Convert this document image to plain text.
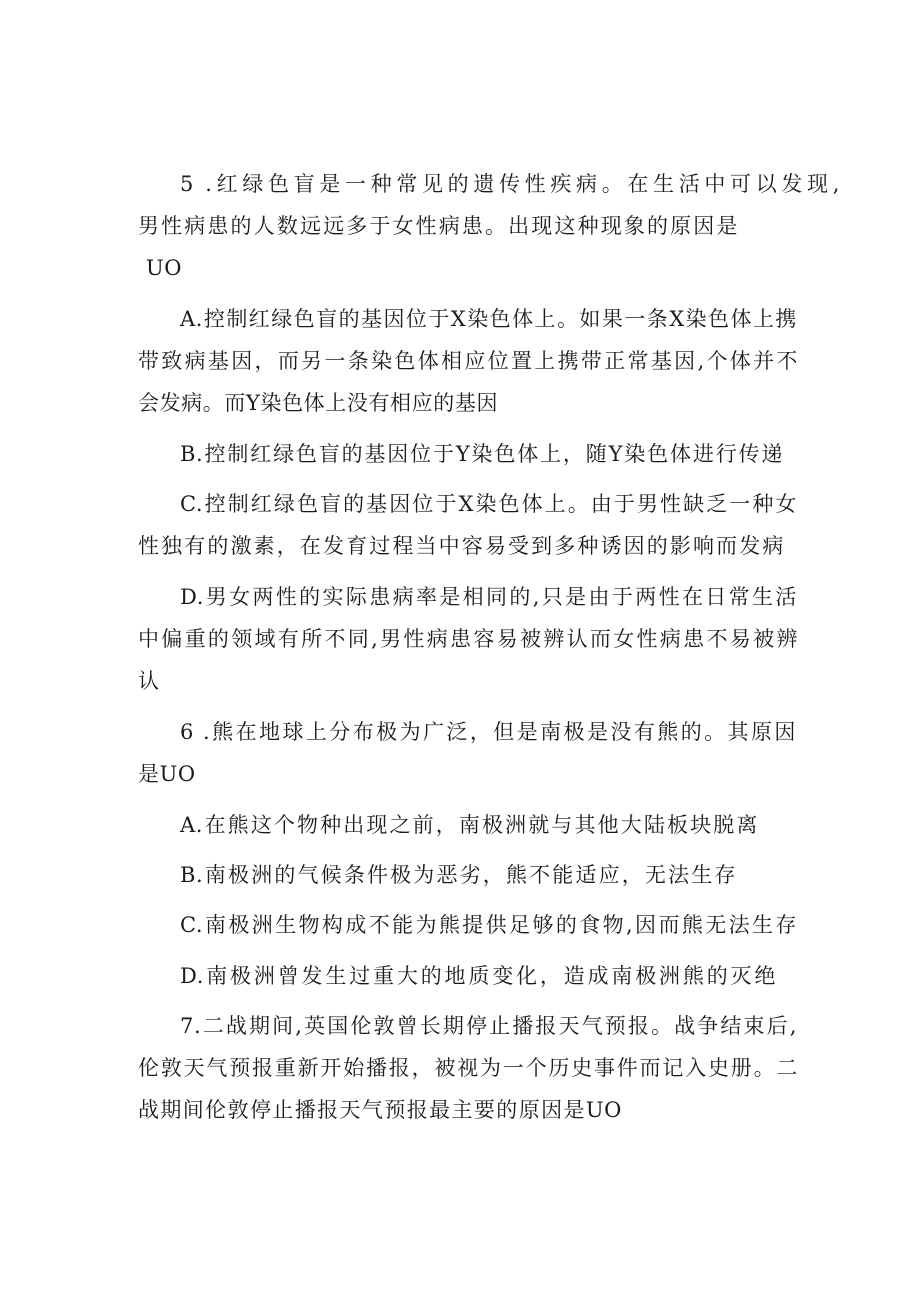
5 .红绿色盲是一种常见的遗传性疾病。在生活中可以发现,
男性病患的人数远远多于女性病患。出现这种现象的原因是
UO
A.控制红绿色盲的基因位于X染色体上。如果一条X染色体上携
带致病基因，而另一条染色体相应位置上携带正常基因,个体并不
会发病。而Y染色体上没有相应的基因
B.控制红绿色盲的基因位于Y染色体上，随Y染色体进行传递
C.控制红绿色盲的基因位于X染色体上。由于男性缺乏一种女
性独有的激素，在发育过程当中容易受到多种诱因的影响而发病
D.男女两性的实际患病率是相同的,只是由于两性在日常生活
中偏重的领域有所不同,男性病患容易被辨认而女性病患不易被辨
认
6 .熊在地球上分布极为广泛，但是南极是没有熊的。其原因
是UO
A.在熊这个物种出现之前，南极洲就与其他大陆板块脱离
B.南极洲的气候条件极为恶劣，熊不能适应，无法生存
C.南极洲生物构成不能为熊提供足够的食物,因而熊无法生存
D.南极洲曾发生过重大的地质变化，造成南极洲熊的灭绝
7.二战期间,英国伦敦曾长期停止播报天气预报。战争结束后,
伦敦天气预报重新开始播报，被视为一个历史事件而记入史册。二
战期间伦敦停止播报天气预报最主要的原因是UO
